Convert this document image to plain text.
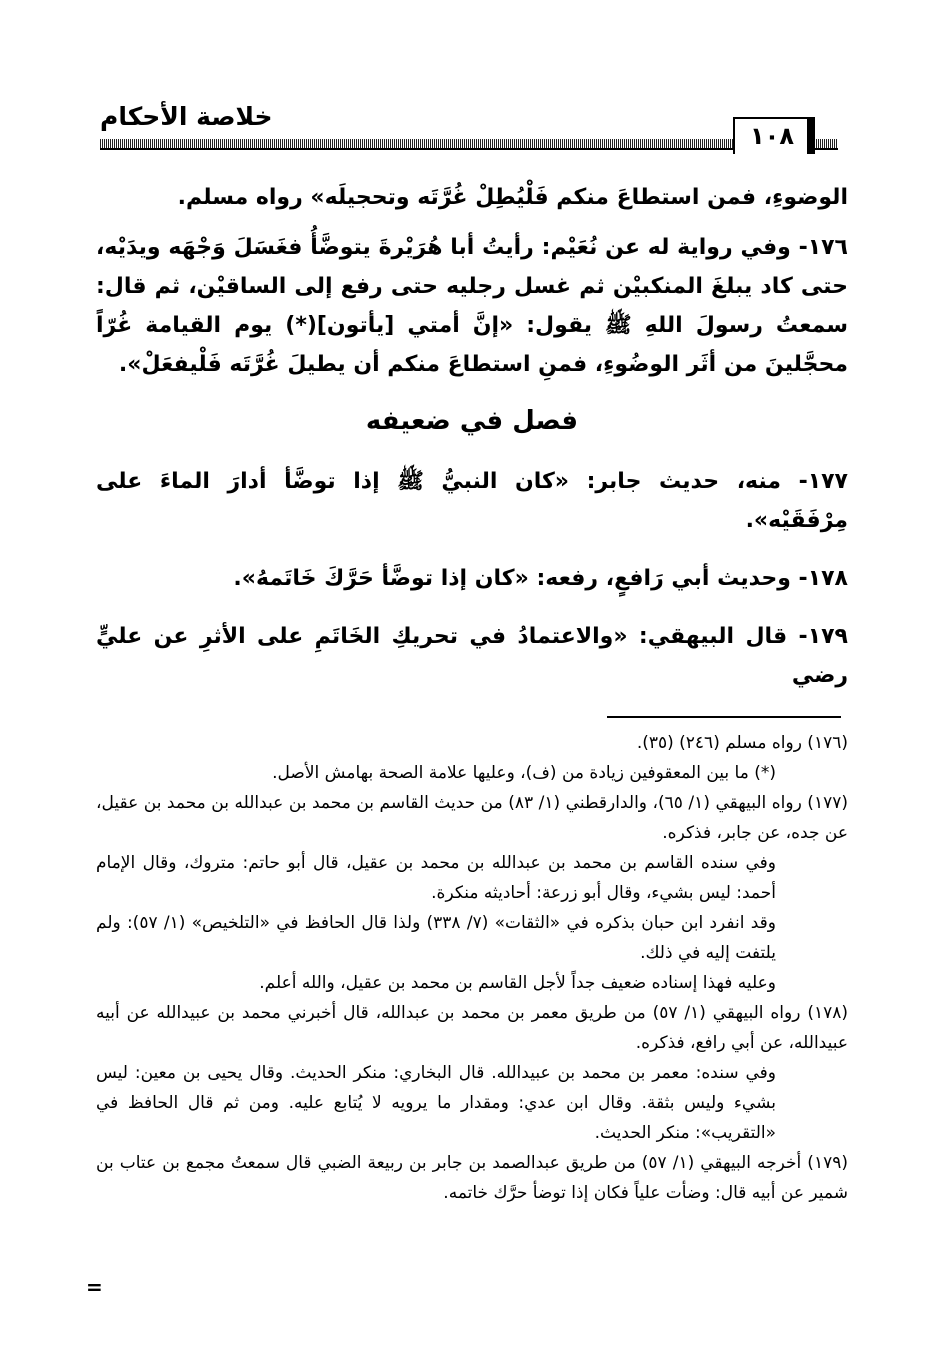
خلاصة الأحكام
١٠٨

الوضوءِ، فمن استطاعَ منكم فَلْيُطِلْ غُرَّتَه وتحجيلَه» رواه مسلم.

١٧٦- وفي رواية له عن نُعَيْم: رأيتُ أبا هُرَيْرةَ يتوضَّأُ فغَسَلَ وَجْهَه ويدَيْه، حتى كاد يبلغَ المنكبيْن ثم غسل رجليه حتى رفع إلى الساقيْن، ثم قال: سمعتُ رسولَ اللهِ ﷺ يقول: «إنَّ أمتي [يأتون](*) يوم القيامة غُرّاً محجَّلينَ من أثَر الوضُوءِ، فمنِ استطاعَ منكم أن يطيلَ غُرَّتَه فَلْيفعَلْ».

فصل في ضعيفه

١٧٧- منه، حديث جابر: «كان النبيُّ ﷺ إذا توضَّأ أدارَ الماءَ على مِرْفَقَيْه».

١٧٨- وحديث أبي رَافعٍ، رفعه: «كان إذا توضَّأ حَرَّكَ خَاتَمهُ».

١٧٩- قال البيهقي: «والاعتمادُ في تحريكِ الخَاتَمِ على الأثرِ عن عليٍّ رضي

(١٧٦) رواه مسلم (٢٤٦) (٣٥).

(*) ما بين المعقوفين زيادة من (ف)، وعليها علامة الصحة بهامش الأصل.

(١٧٧) رواه البيهقي (١/ ٦٥)، والدارقطني (١/ ٨٣) من حديث القاسم بن محمد بن عبدالله بن محمد بن عقيل، عن جده، عن جابر، فذكره.

وفي سنده القاسم بن محمد بن عبدالله بن محمد بن عقيل، قال أبو حاتم: متروك، وقال الإمام أحمد: ليس بشيء، وقال أبو زرعة: أحاديثه منكرة.

وقد انفرد ابن حبان بذكره في «الثقات» (٧/ ٣٣٨) ولذا قال الحافظ في «التلخيص» (١/ ٥٧): ولم يلتفت إليه في ذلك.

وعليه فهذا إسناده ضعيف جداً لأجل القاسم بن محمد بن عقيل، والله أعلم.

(١٧٨) رواه البيهقي (١/ ٥٧) من طريق معمر بن محمد بن عبدالله، قال أخبرني محمد بن عبيدالله عن أبيه عبيدالله، عن أبي رافع، فذكره.

وفي سنده: معمر بن محمد بن عبيدالله. قال البخاري: منكر الحديث. وقال يحيى بن معين: ليس بشيء وليس بثقة. وقال ابن عدي: ومقدار ما يرويه لا يُتابع عليه. ومن ثم قال الحافظ في «التقريب»: منكر الحديث.

(١٧٩) أخرجه البيهقي (١/ ٥٧) من طريق عبدالصمد بن جابر بن ربيعة الضبي قال سمعتُ مجمع بن عتاب بن شمير عن أبيه قال: وضأت علياً فكان إذا توضأ حرَّك خاتمه.

=
